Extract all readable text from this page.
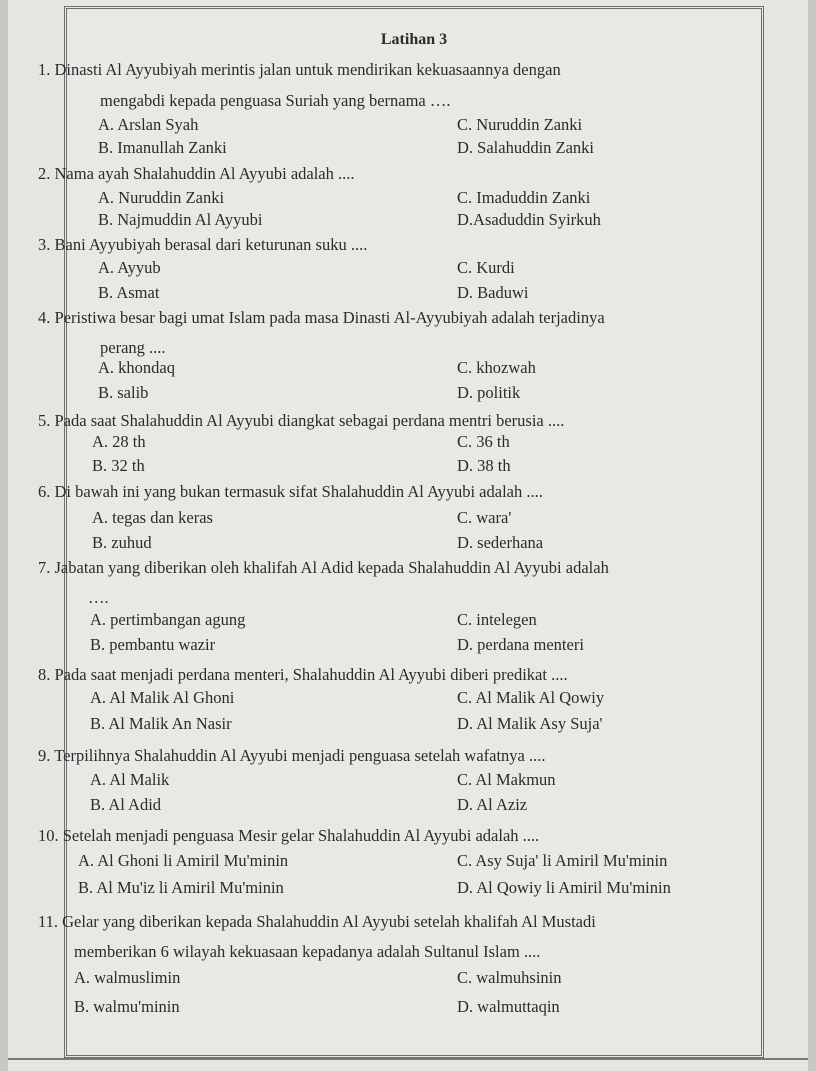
Latihan 3
1. Dinasti Al Ayyubiyah merintis jalan untuk mendirikan kekuasaannya dengan
mengabdi kepada penguasa Suriah yang bernama ….
A. Arslan Syah
B. Imanullah Zanki
C. Nuruddin Zanki
D. Salahuddin Zanki
2. Nama ayah Shalahuddin Al Ayyubi adalah ....
A. Nuruddin Zanki
B. Najmuddin Al Ayyubi
C. Imaduddin Zanki
D.Asaduddin Syirkuh
3. Bani Ayyubiyah berasal dari keturunan suku ....
A. Ayyub
B. Asmat
C. Kurdi
D. Baduwi
4. Peristiwa besar bagi umat Islam pada masa Dinasti Al-Ayyubiyah adalah terjadinya
perang ....
A. khondaq
B. salib
C. khozwah
D. politik
5. Pada saat Shalahuddin Al Ayyubi diangkat sebagai perdana mentri berusia ....
A. 28 th
B. 32 th
C. 36 th
D. 38 th
6. Di bawah ini yang bukan termasuk sifat Shalahuddin Al Ayyubi adalah ....
A. tegas dan keras
B. zuhud
C. wara'
D. sederhana
7. Jabatan yang diberikan oleh khalifah Al Adid kepada Shalahuddin Al Ayyubi adalah
….
A. pertimbangan agung
B. pembantu wazir
C. intelegen
D. perdana menteri
8. Pada saat menjadi perdana menteri, Shalahuddin Al Ayyubi diberi predikat ....
A. Al Malik Al Ghoni
B. Al Malik An Nasir
C. Al Malik Al Qowiy
D. Al Malik Asy Suja'
9. Terpilihnya Shalahuddin Al Ayyubi menjadi penguasa setelah wafatnya ....
A. Al Malik
B. Al Adid
C. Al Makmun
D. Al Aziz
10. Setelah menjadi penguasa Mesir gelar Shalahuddin Al Ayyubi adalah ....
A. Al Ghoni li Amiril Mu'minin
B. Al Mu'iz li Amiril Mu'minin
C. Asy Suja' li Amiril Mu'minin
D. Al Qowiy li Amiril Mu'minin
11. Gelar yang diberikan kepada Shalahuddin Al Ayyubi setelah khalifah Al Mustadi
memberikan 6 wilayah kekuasaan kepadanya adalah Sultanul Islam ....
A. walmuslimin
B. walmu'minin
C. walmuhsinin
D. walmuttaqin
